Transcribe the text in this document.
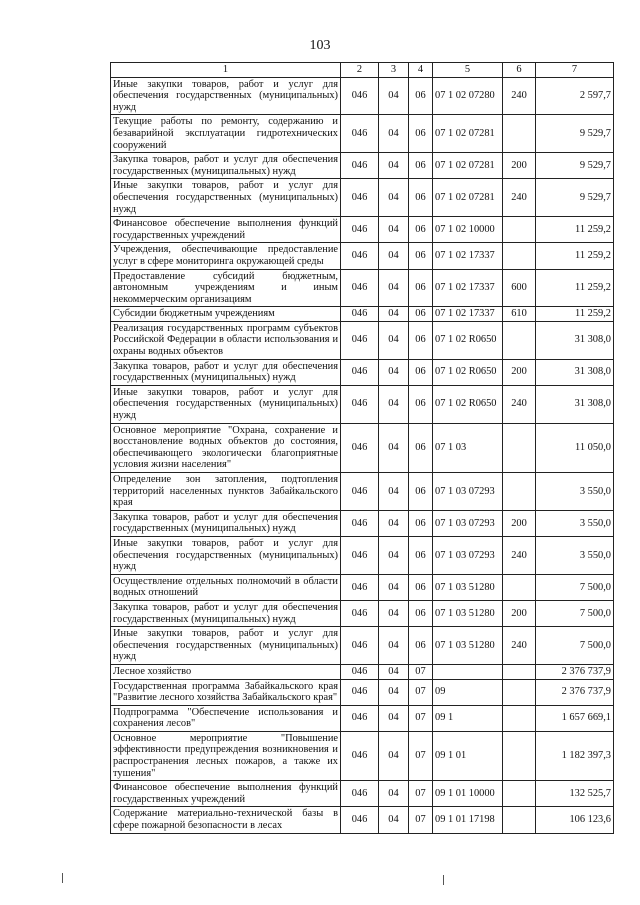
103
1	2	3	4	5	6	7
Иные закупки товаров, работ и услуг для обеспечения государственных (муниципальных) нужд	046	04	06	07 1 02 07280	240	2 597,7
Текущие работы по ремонту, содержанию и безаварийной эксплуатации гидротехнических сооружений	046	04	06	07 1 02 07281		9 529,7
Закупка товаров, работ и услуг для обеспечения государственных (муниципальных) нужд	046	04	06	07 1 02 07281	200	9 529,7
Иные закупки товаров, работ и услуг для обеспечения государственных (муниципальных) нужд	046	04	06	07 1 02 07281	240	9 529,7
Финансовое обеспечение выполнения функций государственных учреждений	046	04	06	07 1 02 10000		11 259,2
Учреждения, обеспечивающие предоставление услуг в сфере мониторинга окружающей среды	046	04	06	07 1 02 17337		11 259,2
Предоставление субсидий бюджетным, автономным учреждениям и иным некоммерческим организациям	046	04	06	07 1 02 17337	600	11 259,2
Субсидии бюджетным учреждениям	046	04	06	07 1 02 17337	610	11 259,2
Реализация государственных программ субъектов Российской Федерации в области использования и охраны водных объектов	046	04	06	07 1 02 R0650		31 308,0
Закупка товаров, работ и услуг для обеспечения государственных (муниципальных) нужд	046	04	06	07 1 02 R0650	200	31 308,0
Иные закупки товаров, работ и услуг для обеспечения государственных (муниципальных) нужд	046	04	06	07 1 02 R0650	240	31 308,0
Основное мероприятие "Охрана, сохранение и восстановление водных объектов до состояния, обеспечивающего экологически благоприятные условия жизни населения"	046	04	06	07 1 03		11 050,0
Определение зон затопления, подтопления территорий населенных пунктов Забайкальского края	046	04	06	07 1 03 07293		3 550,0
Закупка товаров, работ и услуг для обеспечения государственных (муниципальных) нужд	046	04	06	07 1 03 07293	200	3 550,0
Иные закупки товаров, работ и услуг для обеспечения государственных (муниципальных) нужд	046	04	06	07 1 03 07293	240	3 550,0
Осуществление отдельных полномочий в области водных отношений	046	04	06	07 1 03 51280		7 500,0
Закупка товаров, работ и услуг для обеспечения государственных (муниципальных) нужд	046	04	06	07 1 03 51280	200	7 500,0
Иные закупки товаров, работ и услуг для обеспечения государственных (муниципальных) нужд	046	04	06	07 1 03 51280	240	7 500,0
Лесное хозяйство	046	04	07			2 376 737,9
Государственная программа Забайкальского края "Развитие лесного хозяйства Забайкальского края"	046	04	07	09		2 376 737,9
Подпрограмма "Обеспечение использования и сохранения лесов"	046	04	07	09 1		1 657 669,1
Основное мероприятие "Повышение эффективности предупреждения возникновения и распространения лесных пожаров, а также их тушения"	046	04	07	09 1 01		1 182 397,3
Финансовое обеспечение выполнения функций государственных учреждений	046	04	07	09 1 01 10000		132 525,7
Содержание материально-технической базы в сфере пожарной безопасности в лесах	046	04	07	09 1 01 17198		106 123,6
